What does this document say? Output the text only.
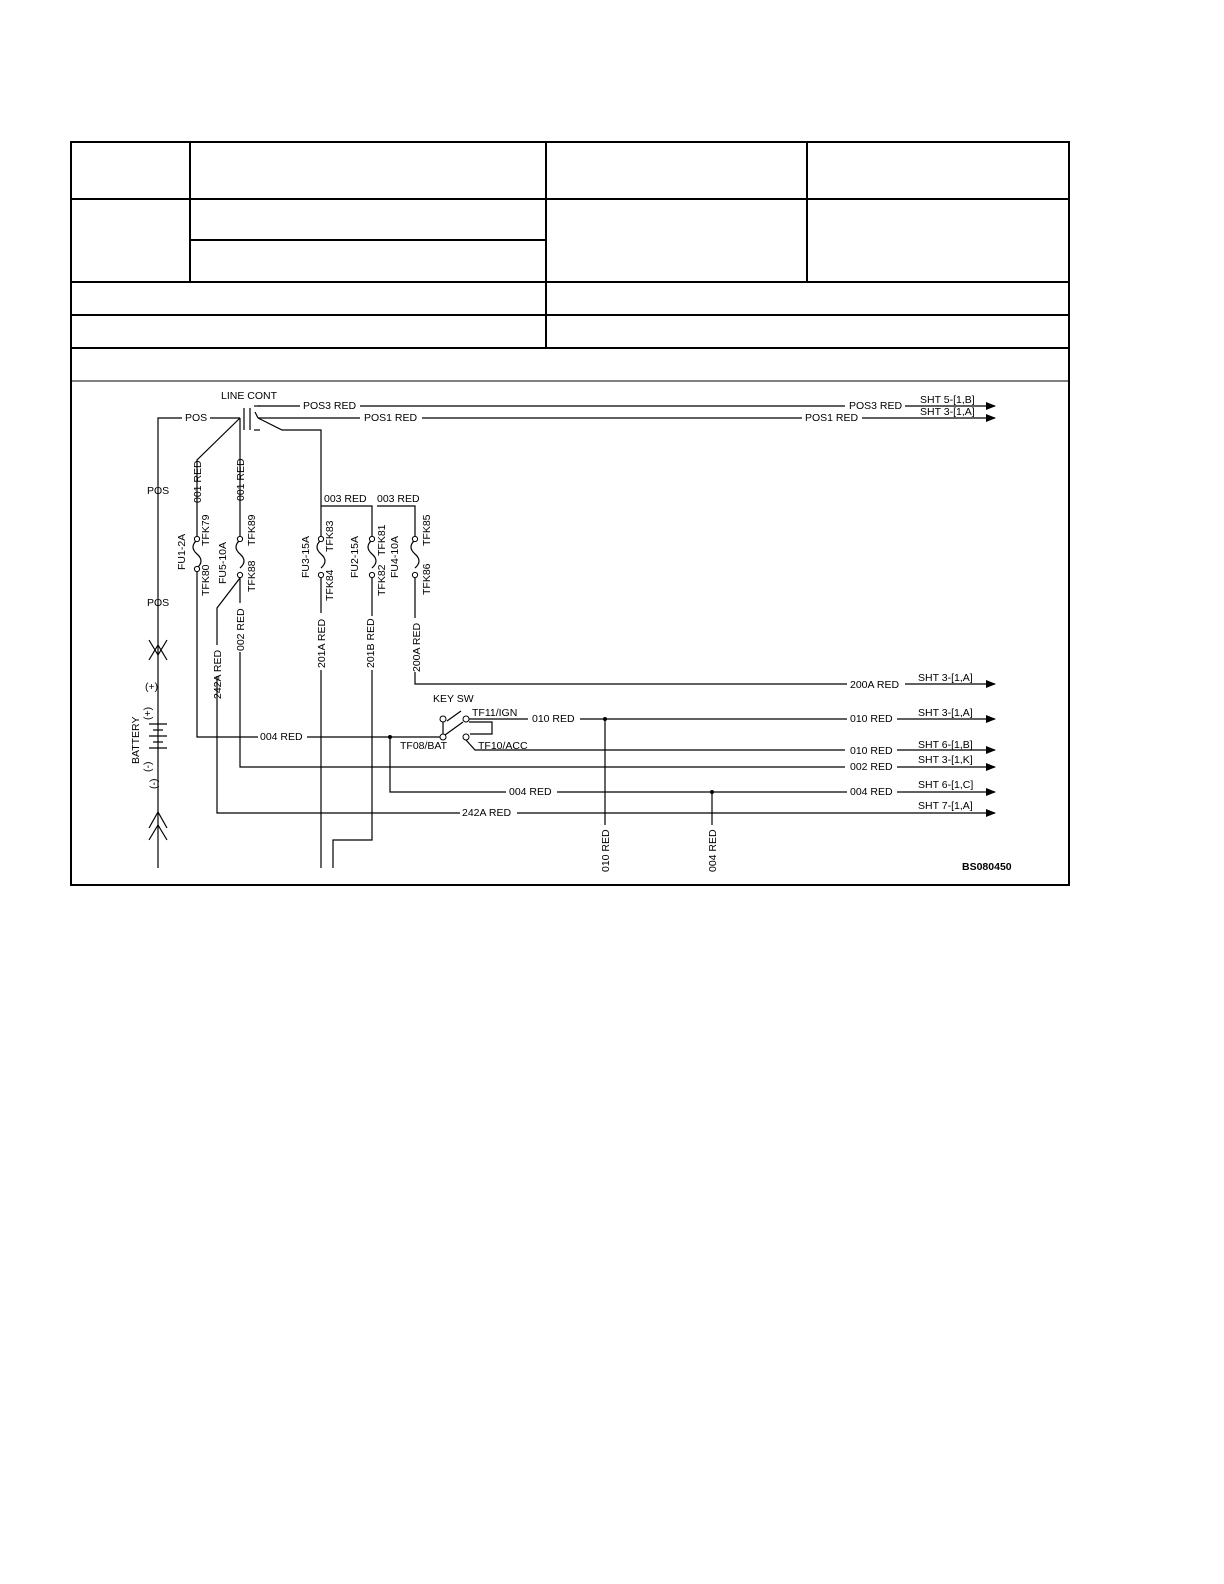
LINE CONT
POS
POS
POS
POS3 RED	POS3 RED
POS1 RED	POS1 RED
SHT 5-[1,B]
SHT 3-[1,A]
001 RED	001 RED	003 RED 003 RED
FU1-2A	FU5-10A	FU3-15A	FU2-15A	FU4-10A
TFK79
TFK80
TFK89
TFK88
TFK83
TFK84
TFK81
TFK82
TFK85
TFK86
002 RED
242A RED
201A RED	201B RED	200A RED
200A RED
SHT 3-[1,A]
KEY SW
TF11/IGN
TF08/BAT	TF10/ACC
010 RED	010 RED SHT 3-[1,A]
004 RED
010 RED SHT 6-[1,B]
002 RED
SHT 3-[1,K]
004 RED	004 RED
SHT 6-[1,C]
242A RED
SHT 7-[1,A]
010 RED	004 RED
BATTERY
(+)
(+)
(-)
(-)
BS080450
